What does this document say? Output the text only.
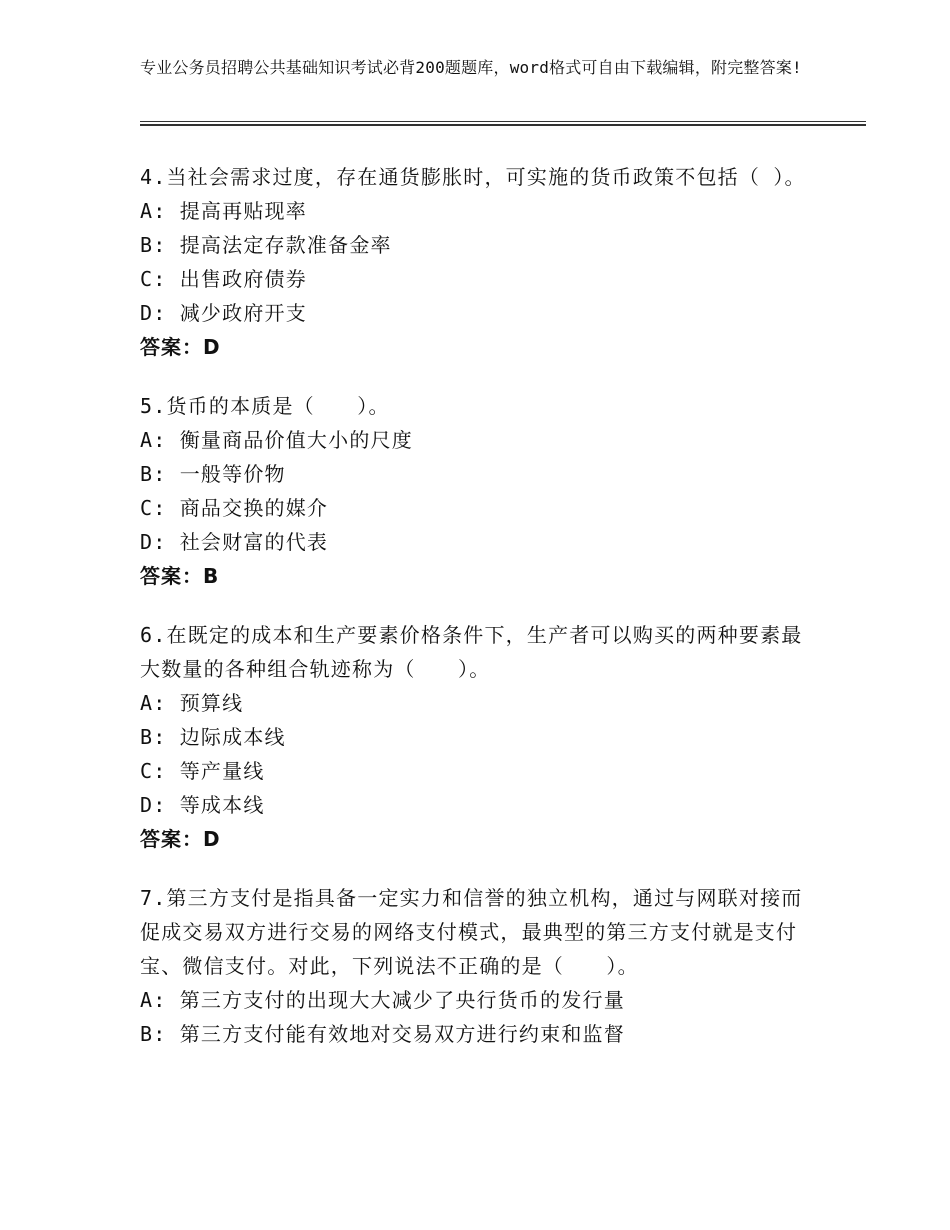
专业公务员招聘公共基础知识考试必背200题题库，word格式可自由下载编辑，附完整答案!

4.当社会需求过度，存在通货膨胀时，可实施的货币政策不包括（ ）。

A: 提高再贴现率

B: 提高法定存款准备金率

C: 出售政府债券

D: 减少政府开支

答案：D

5.货币的本质是（　　）。

A: 衡量商品价值大小的尺度

B: 一般等价物

C: 商品交换的媒介

D: 社会财富的代表

答案：B

6.在既定的成本和生产要素价格条件下，生产者可以购买的两种要素最大数量的各种组合轨迹称为（　　）。

A: 预算线

B: 边际成本线

C: 等产量线

D: 等成本线

答案：D

7.第三方支付是指具备一定实力和信誉的独立机构，通过与网联对接而促成交易双方进行交易的网络支付模式，最典型的第三方支付就是支付宝、微信支付。对此，下列说法不正确的是（　　）。

A: 第三方支付的出现大大减少了央行货币的发行量

B: 第三方支付能有效地对交易双方进行约束和监督
